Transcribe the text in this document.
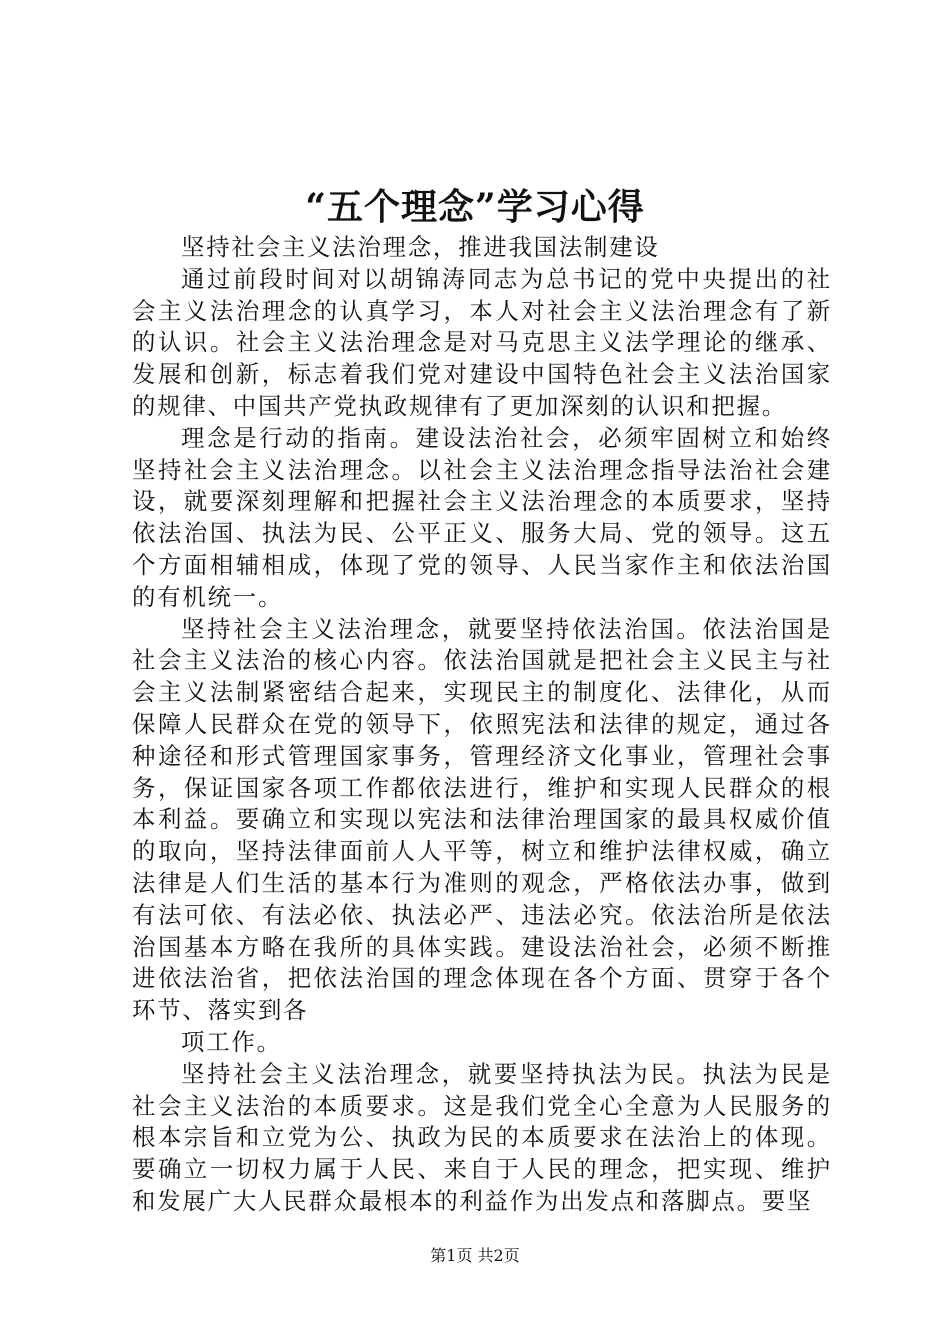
“五个理念”学习心得

坚持社会主义法治理念，推进我国法制建设

通过前段时间对以胡锦涛同志为总书记的党中央提出的社会主义法治理念的认真学习，本人对社会主义法治理念有了新的认识。社会主义法治理念是对马克思主义法学理论的继承、发展和创新，标志着我们党对建设中国特色社会主义法治国家的规律、中国共产党执政规律有了更加深刻的认识和把握。

理念是行动的指南。建设法治社会，必须牢固树立和始终坚持社会主义法治理念。以社会主义法治理念指导法治社会建设，就要深刻理解和把握社会主义法治理念的本质要求，坚持依法治国、执法为民、公平正义、服务大局、党的领导。这五个方面相辅相成，体现了党的领导、人民当家作主和依法治国的有机统一。

坚持社会主义法治理念，就要坚持依法治国。依法治国是社会主义法治的核心内容。依法治国就是把社会主义民主与社会主义法制紧密结合起来，实现民主的制度化、法律化，从而保障人民群众在党的领导下，依照宪法和法律的规定，通过各种途径和形式管理国家事务，管理经济文化事业，管理社会事务，保证国家各项工作都依法进行，维护和实现人民群众的根本利益。要确立和实现以宪法和法律治理国家的最具权威价值的取向，坚持法律面前人人平等，树立和维护法律权威，确立法律是人们生活的基本行为准则的观念，严格依法办事，做到有法可依、有法必依、执法必严、违法必究。依法治所是依法治国基本方略在我所的具体实践。建设法治社会，必须不断推进依法治省，把依法治国的理念体现在各个方面、贯穿于各个环节、落实到各

项工作。

坚持社会主义法治理念，就要坚持执法为民。执法为民是社会主义法治的本质要求。这是我们党全心全意为人民服务的根本宗旨和立党为公、执政为民的本质要求在法治上的体现。要确立一切权力属于人民、来自于人民的理念，把实现、维护和发展广大人民群众最根本的利益作为出发点和落脚点。要坚

第1页 共2页
